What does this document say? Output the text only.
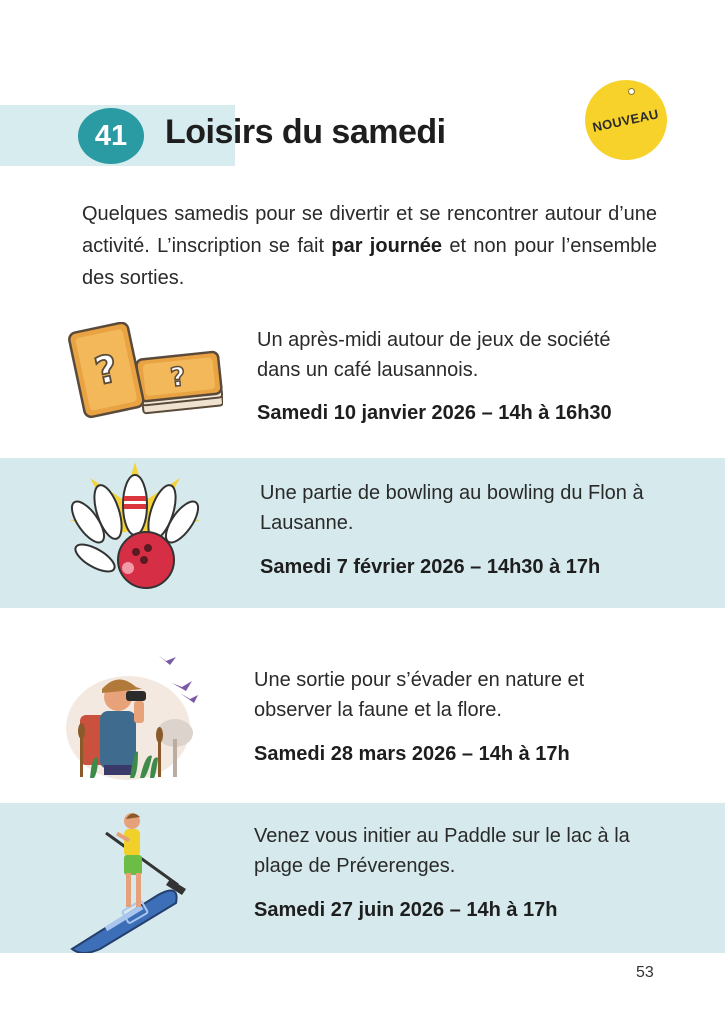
41	Loisirs du samedi	NOUVEAU

Quelques samedis pour se divertir et se rencontrer autour d’une activité. L’inscription se fait par journée et non pour l’ensemble des sorties.

?
?

Un après-midi autour de jeux de société
dans un café lausannois.

Samedi 10 janvier 2026 – 14h à 16h30

Une partie de bowling au bowling du Flon à
Lausanne.

Samedi 7 février 2026 – 14h30 à 17h

Une sortie pour s’évader en nature et
observer la faune et la flore.

Samedi 28 mars 2026 – 14h à 17h

Venez vous initier au Paddle sur le lac à la
plage de Préverenges.

Samedi 27 juin 2026 – 14h à 17h

53
